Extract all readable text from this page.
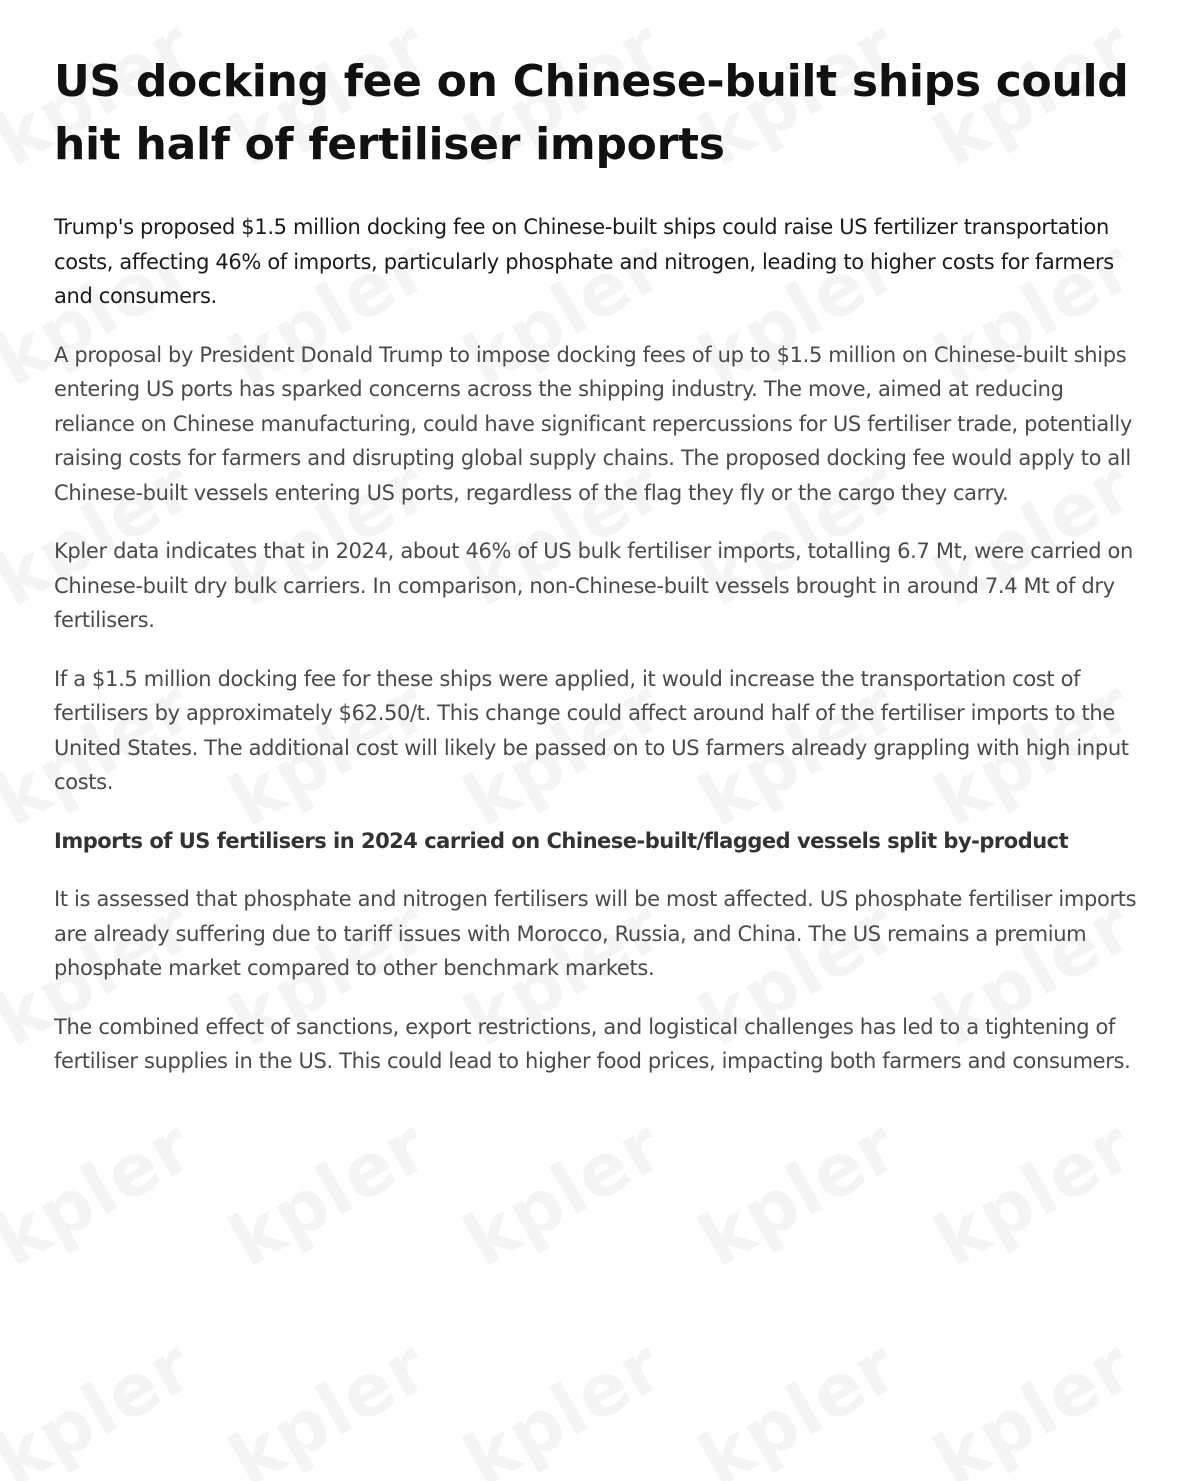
US docking fee on Chinese-built ships could hit half of fertiliser imports

Trump's proposed $1.5 million docking fee on Chinese-built ships could raise US fertilizer transportation costs, affecting 46% of imports, particularly phosphate and nitrogen, leading to higher costs for farmers and consumers.

A proposal by President Donald Trump to impose docking fees of up to $1.5 million on Chinese-built ships entering US ports has sparked concerns across the shipping industry. The move, aimed at reducing reliance on Chinese manufacturing, could have significant repercussions for US fertiliser trade, potentially raising costs for farmers and disrupting global supply chains. The proposed docking fee would apply to all Chinese-built vessels entering US ports, regardless of the flag they fly or the cargo they carry.

Kpler data indicates that in 2024, about 46% of US bulk fertiliser imports, totalling 6.7 Mt, were carried on Chinese-built dry bulk carriers. In comparison, non-Chinese-built vessels brought in around 7.4 Mt of dry fertilisers.

If a $1.5 million docking fee for these ships were applied, it would increase the transportation cost of fertilisers by approximately $62.50/t. This change could affect around half of the fertiliser imports to the United States. The additional cost will likely be passed on to US farmers already grappling with high input costs.

Imports of US fertilisers in 2024 carried on Chinese-built/flagged vessels split by-product

It is assessed that phosphate and nitrogen fertilisers will be most affected. US phosphate fertiliser imports are already suffering due to tariff issues with Morocco, Russia, and China. The US remains a premium phosphate market compared to other benchmark markets.

The combined effect of sanctions, export restrictions, and logistical challenges has led to a tightening of fertiliser supplies in the US. This could lead to higher food prices, impacting both farmers and consumers.
